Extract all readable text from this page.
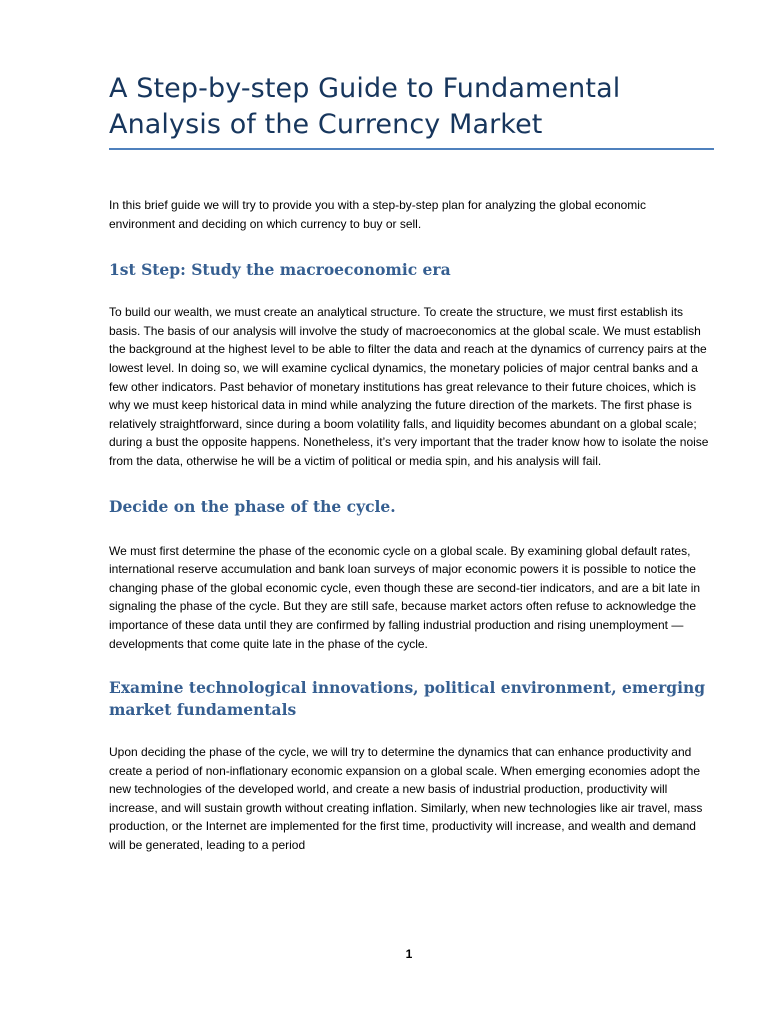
A Step-by-step Guide to Fundamental Analysis of the Currency Market

In this brief guide we will try to provide you with a step-by-step plan for analyzing the global economic environment and deciding on which currency to buy or sell.

1st Step: Study the macroeconomic era

To build our wealth, we must create an analytical structure. To create the structure, we must first establish its basis. The basis of our analysis will involve the study of macroeconomics at the global scale. We must establish the background at the highest level to be able to filter the data and reach at the dynamics of currency pairs at the lowest level. In doing so, we will examine cyclical dynamics, the monetary policies of major central banks and a few other indicators. Past behavior of monetary institutions has great relevance to their future choices, which is why we must keep historical data in mind while analyzing the future direction of the markets. The first phase is relatively straightforward, since during a boom volatility falls, and liquidity becomes abundant on a global scale; during a bust the opposite happens. Nonetheless, it’s very important that the trader know how to isolate the noise from the data, otherwise he will be a victim of political or media spin, and his analysis will fail.

Decide on the phase of the cycle.

We must first determine the phase of the economic cycle on a global scale. By examining global default rates, international reserve accumulation and bank loan surveys of major economic powers it is possible to notice the changing phase of the global economic cycle, even though these are second-tier indicators, and are a bit late in signaling the phase of the cycle. But they are still safe, because market actors often refuse to acknowledge the importance of these data until they are confirmed by falling industrial production and rising unemployment — developments that come quite late in the phase of the cycle.

Examine technological innovations, political environment, emerging market fundamentals

Upon deciding the phase of the cycle, we will try to determine the dynamics that can enhance productivity and create a period of non-inflationary economic expansion on a global scale. When emerging economies adopt the new technologies of the developed world, and create a new basis of industrial production, productivity will increase, and will sustain growth without creating inflation. Similarly, when new technologies like air travel, mass production, or the Internet are implemented for the first time, productivity will increase, and wealth and demand will be generated, leading to a period

1
